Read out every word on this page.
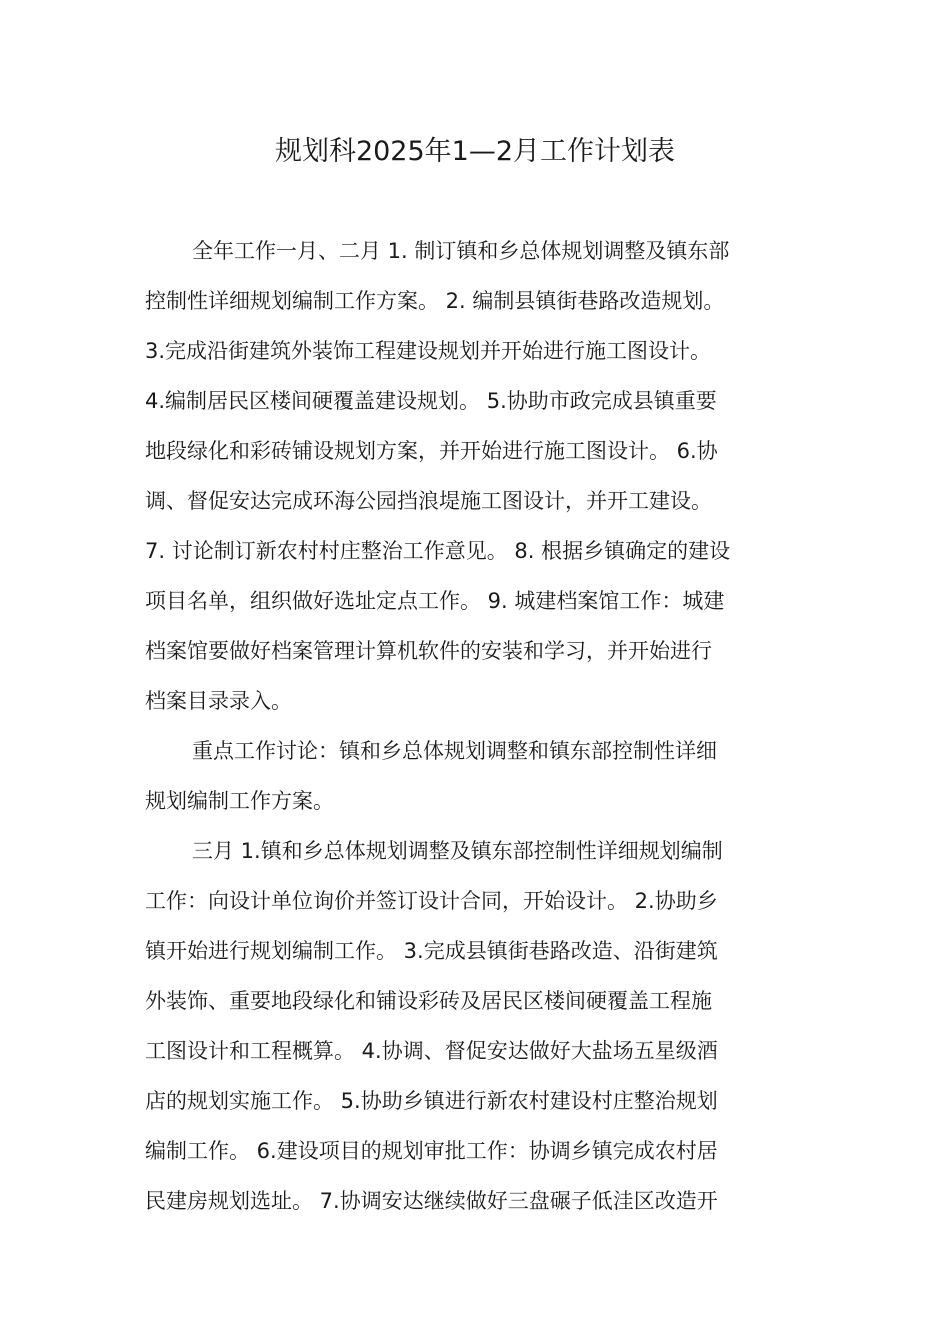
规划科2025年1—2月工作计划表
全年工作一月、二月 1. 制订镇和乡总体规划调整及镇东部
控制性详细规划编制工作方案。 2. 编制县镇街巷路改造规划。
3.完成沿街建筑外装饰工程建设规划并开始进行施工图设计。
4.编制居民区楼间硬覆盖建设规划。 5.协助市政完成县镇重要
地段绿化和彩砖铺设规划方案，并开始进行施工图设计。 6.协
调、督促安达完成环海公园挡浪堤施工图设计，并开工建设。
7. 讨论制订新农村村庄整治工作意见。 8. 根据乡镇确定的建设
项目名单，组织做好选址定点工作。 9. 城建档案馆工作：城建
档案馆要做好档案管理计算机软件的安装和学习，并开始进行
档案目录录入。
重点工作讨论：镇和乡总体规划调整和镇东部控制性详细
规划编制工作方案。
三月 1.镇和乡总体规划调整及镇东部控制性详细规划编制
工作：向设计单位询价并签订设计合同，开始设计。 2.协助乡
镇开始进行规划编制工作。 3.完成县镇街巷路改造、沿街建筑
外装饰、重要地段绿化和铺设彩砖及居民区楼间硬覆盖工程施
工图设计和工程概算。 4.协调、督促安达做好大盐场五星级酒
店的规划实施工作。 5.协助乡镇进行新农村建设村庄整治规划
编制工作。 6.建设项目的规划审批工作：协调乡镇完成农村居
民建房规划选址。 7.协调安达继续做好三盘碾子低洼区改造开
